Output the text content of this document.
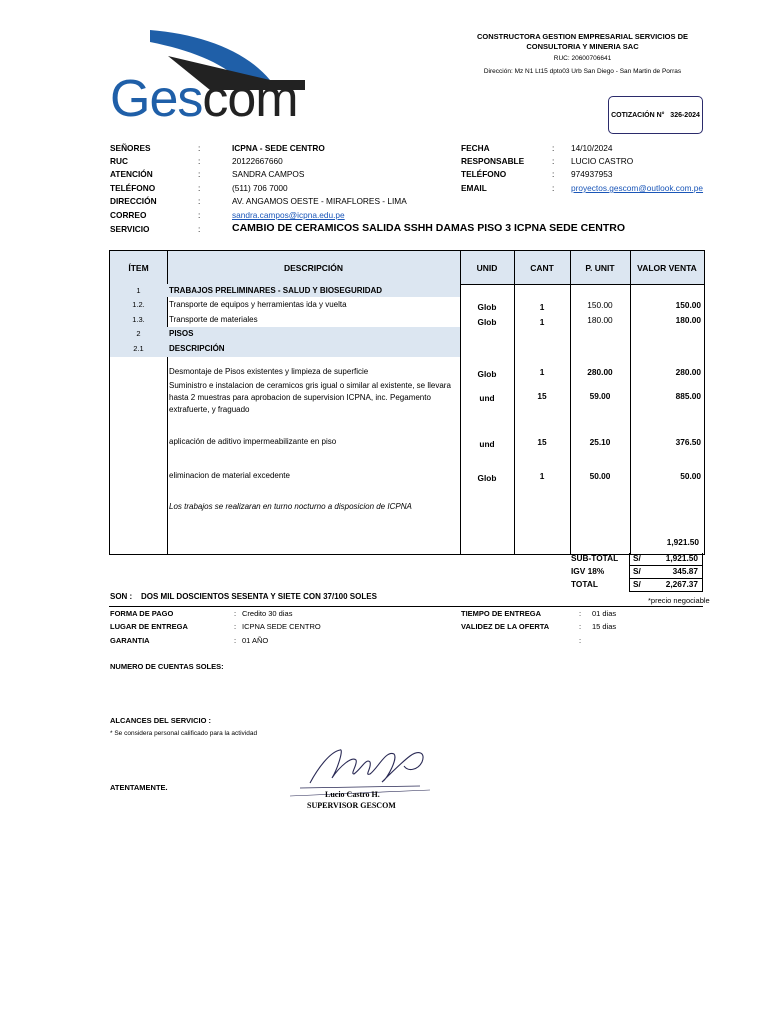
Gescom
CONSTRUCTORA GESTION EMPRESARIAL SERVICIOS DE
CONSULTORIA Y MINERIA SAC
RUC: 20600706641
Dirección: Mz N1 Lt15 dpto03 Urb San Diego - San Martin de Porras
COTIZACIÓN N°
326-2024
SEÑORES	:	ICPNA - SEDE CENTRO
RUC	:	20122667660
ATENCIÓN	:	SANDRA CAMPOS
TELÉFONO	:	(511) 706 7000
DIRECCIÓN	:	AV. ANGAMOS OESTE - MIRAFLORES - LIMA
CORREO	:	sandra.campos@icpna.edu.pe
SERVICIO	:	CAMBIO DE CERAMICOS SALIDA SSHH DAMAS PISO 3 ICPNA SEDE CENTRO
FECHA	: 14/10/2024
RESPONSABLE	: LUCIO CASTRO
TELÉFONO	: 974937953
EMAIL	: proyectos.gescom@outlook.com.pe
ÍTEM	DESCRIPCIÓN	UNID	CANT	P. UNIT	VALOR VENTA
1	TRABAJOS PRELIMINARES - SALUD Y BIOSEGURIDAD
1.2.	Transporte de equipos y herramientas ida y vuelta	Glob	1	150.00	150.00
1.3.	Transporte de materiales	Glob	1	180.00	180.00
2	PISOS
2.1	DESCRIPCIÓN
Desmontaje de Pisos existentes y limpieza de superficie	Glob	1	280.00	280.00
Suministro e instalacion de ceramicos gris igual o similar al existente, se llevara
hasta 2 muestras para aprobacion de supervision ICPNA, inc. Pegamento
extrafuerte, y fraguado
und	15	59.00	885.00
aplicación de aditivo impermeabilizante en piso	und	15	25.10	376.50
eliminacion de material excedente	Glob	1	50.00	50.00
Los trabajos se realizaran en turno nocturno a disposicion de ICPNA
1,921.50
SUB-TOTAL S/	1,921.50
IGV 18%	S/	345.87
TOTAL	S/	2,267.37
SON : DOS MIL DOSCIENTOS SESENTA Y SIETE CON 37/100 SOLES	*precio negociable
FORMA DE PAGO	: Credito 30 dias
LUGAR DE ENTREGA	: ICPNA SEDE CENTRO
GARANTIA	: 01 AÑO
TIEMPO DE ENTREGA	: 01 dias
VALIDEZ DE LA OFERTA	: 15 dias
:
NUMERO DE CUENTAS SOLES:
ALCANCES DEL SERVICIO :
* Se considera personal calificado para la actividad
ATENTAMENTE.
Lucio Castro H.
SUPERVISOR GESCOM
